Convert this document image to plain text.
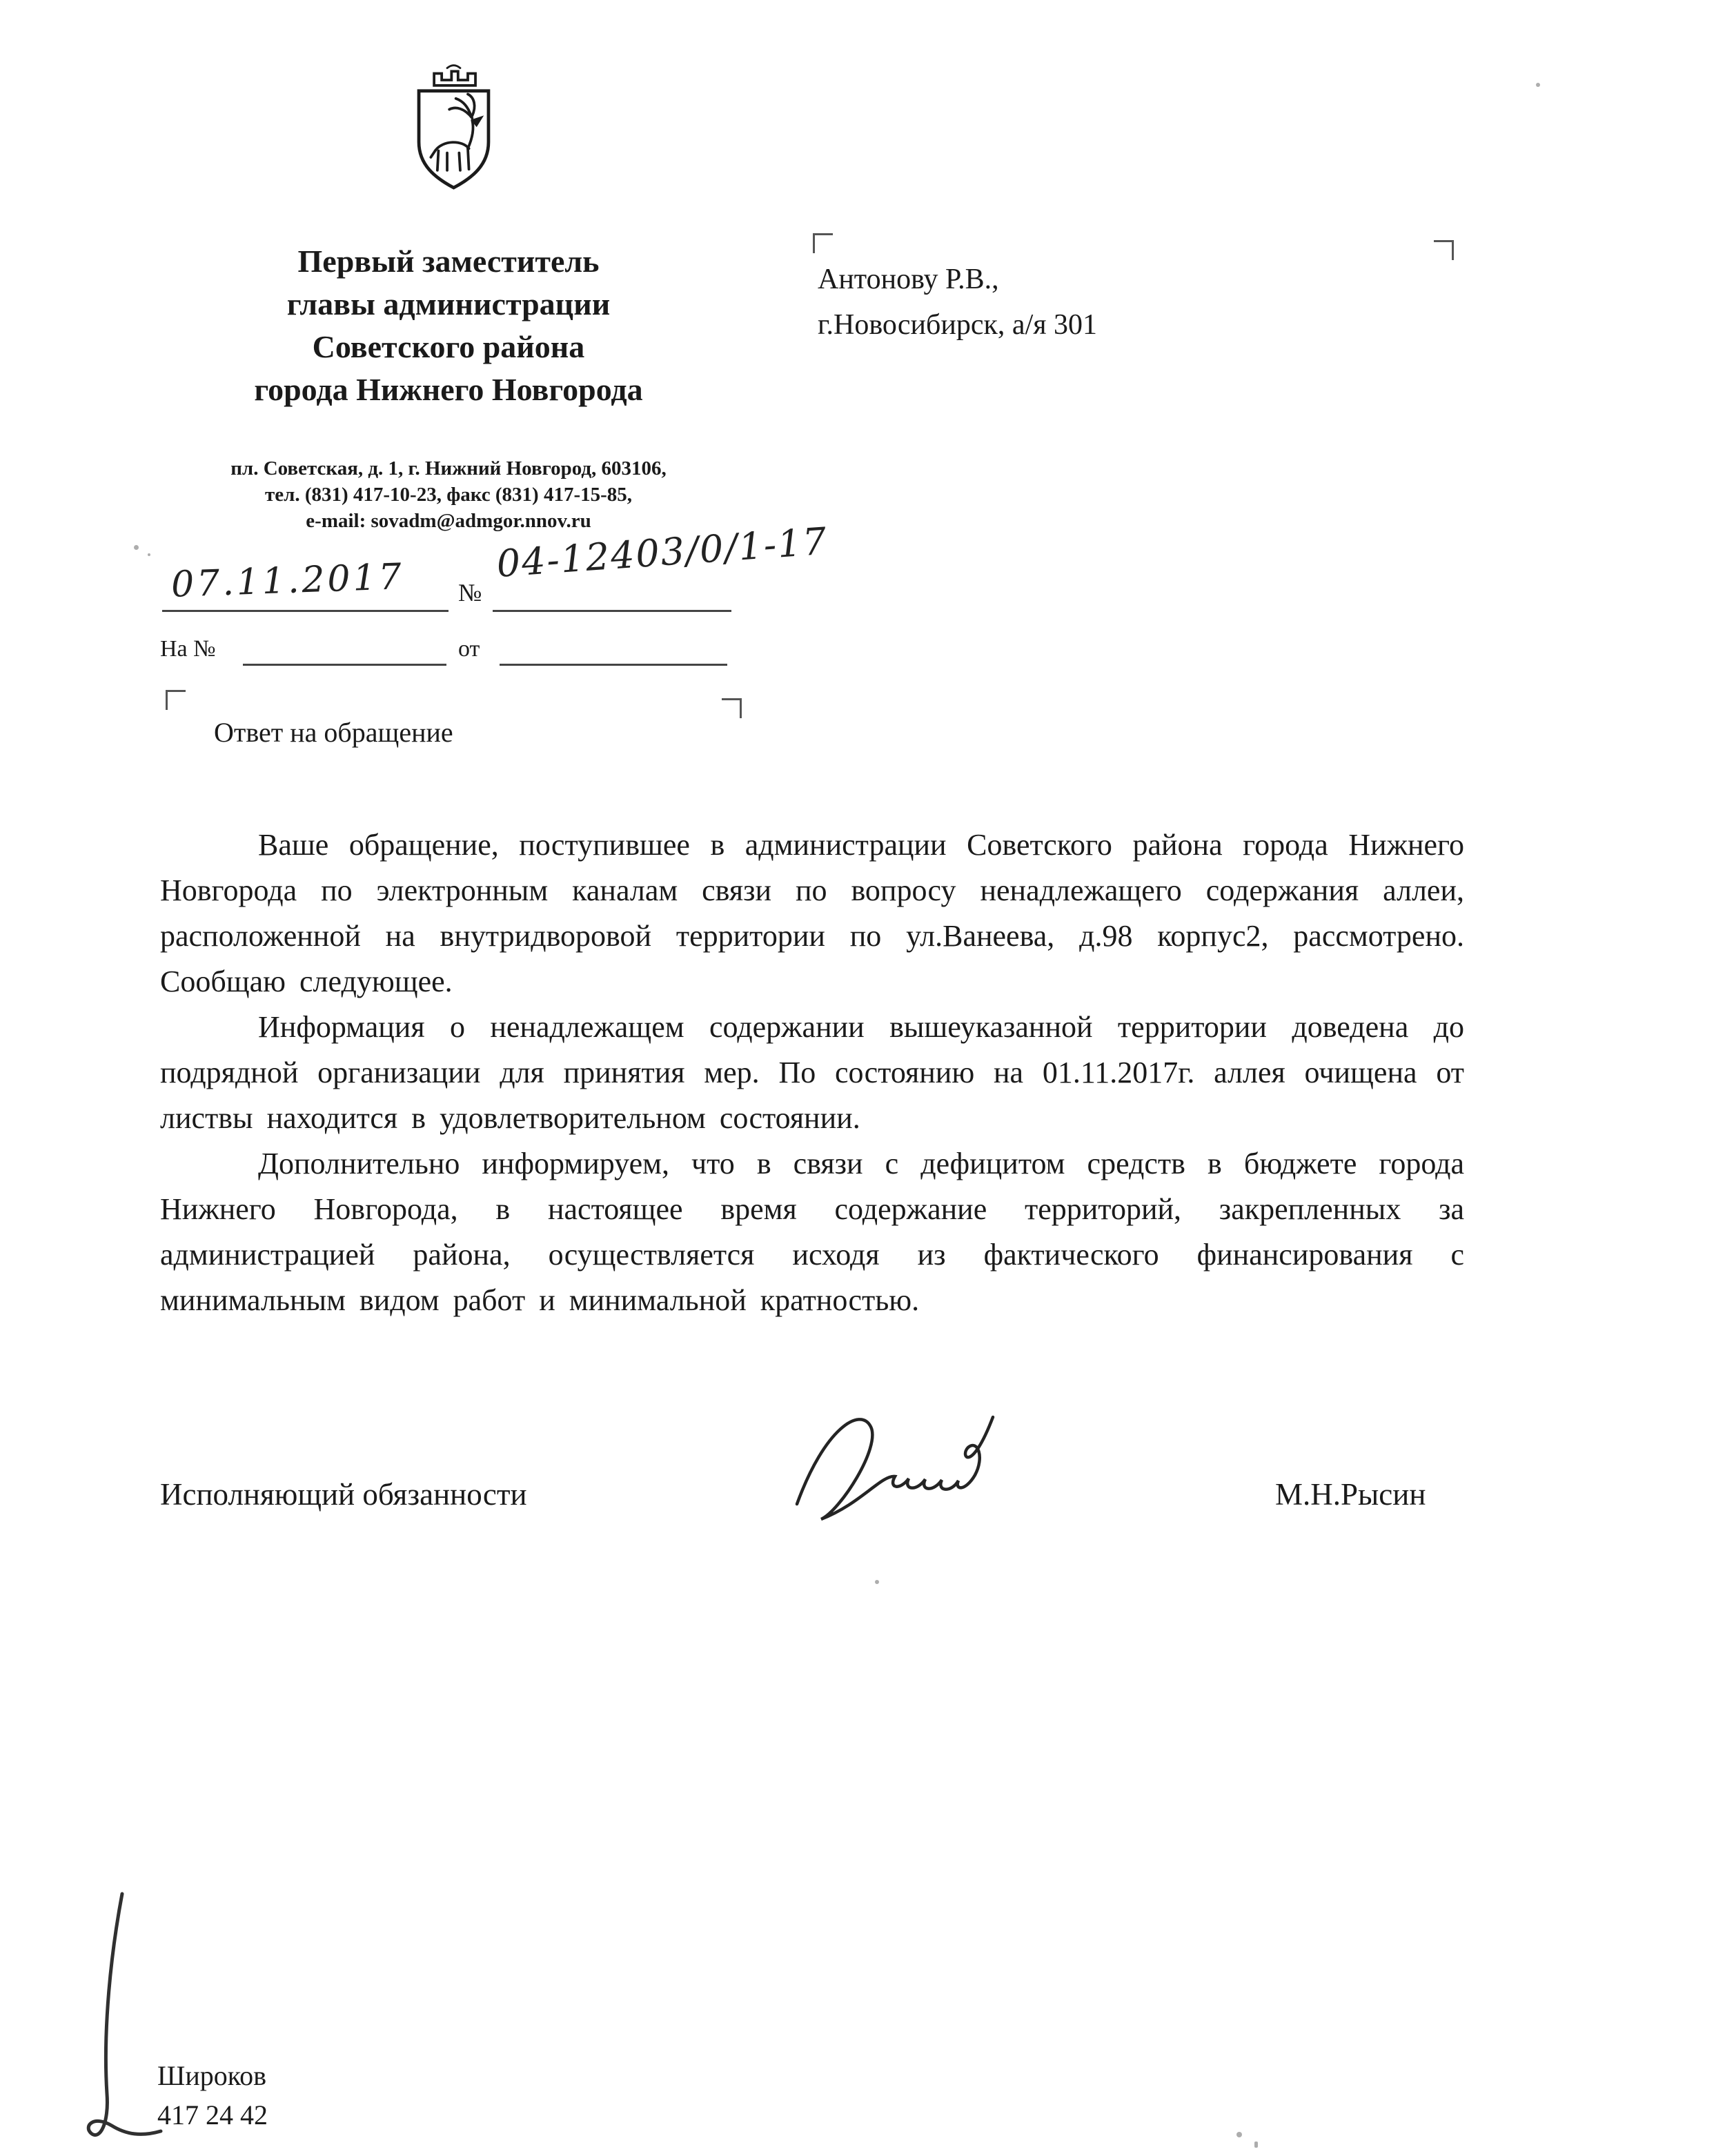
Первый заместитель
главы администрации
Советского района
города Нижнего Новгорода
пл. Советская, д. 1, г. Нижний Новгород, 603106,
тел. (831) 417-10-23, факс (831) 417-15-85,
e-mail: sovadm@admgor.nnov.ru
Антонову Р.В.,
г.Новосибирск, а/я 301
07.11.2017 №
04-12403/0/1-17
На №	от
Ответ на обращение

Ваше обращение, поступившее в администрации Советского района города Нижнего Новгорода по электронным каналам связи по вопросу ненадлежащего содержания аллеи, расположенной на внутридворовой территории по ул.Ванеева, д.98 корпус2, рассмотрено. Сообщаю следующее.

Информация о ненадлежащем содержании вышеуказанной территории доведена до подрядной организации для принятия мер. По состоянию на 01.11.2017г. аллея очищена от листвы находится в удовлетворительном состоянии.

Дополнительно информируем, что в связи с дефицитом средств в бюджете города Нижнего Новгорода, в настоящее время содержание территорий, закрепленных за администрацией района, осуществляется исходя из фактического финансирования с минимальным видом работ и минимальной кратностью.

Исполняющий обязанности	М.Н.Рысин
Широков
417 24 42
